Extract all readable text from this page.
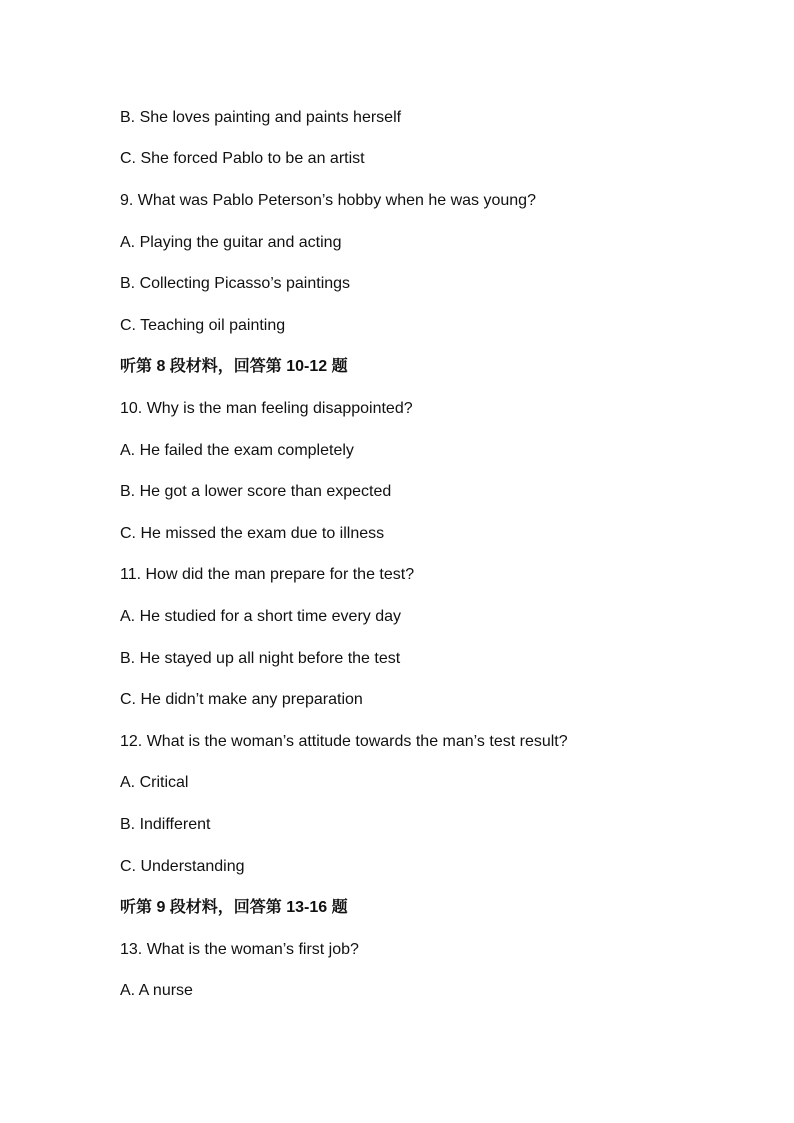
B. She loves painting and paints herself
C. She forced Pablo to be an artist
9. What was Pablo Peterson’s hobby when he was young?
A. Playing the guitar and acting
B. Collecting Picasso’s paintings
C. Teaching oil painting
听第 8 段材料，回答第 10-12 题
10. Why is the man feeling disappointed?
A. He failed the exam completely
B. He got a lower score than expected
C. He missed the exam due to illness
11. How did the man prepare for the test?
A. He studied for a short time every day
B. He stayed up all night before the test
C. He didn’t make any preparation
12. What is the woman’s attitude towards the man’s test result?
A. Critical
B. Indifferent
C. Understanding
听第 9 段材料，回答第 13-16 题
13. What is the woman’s first job?
A. A nurse
